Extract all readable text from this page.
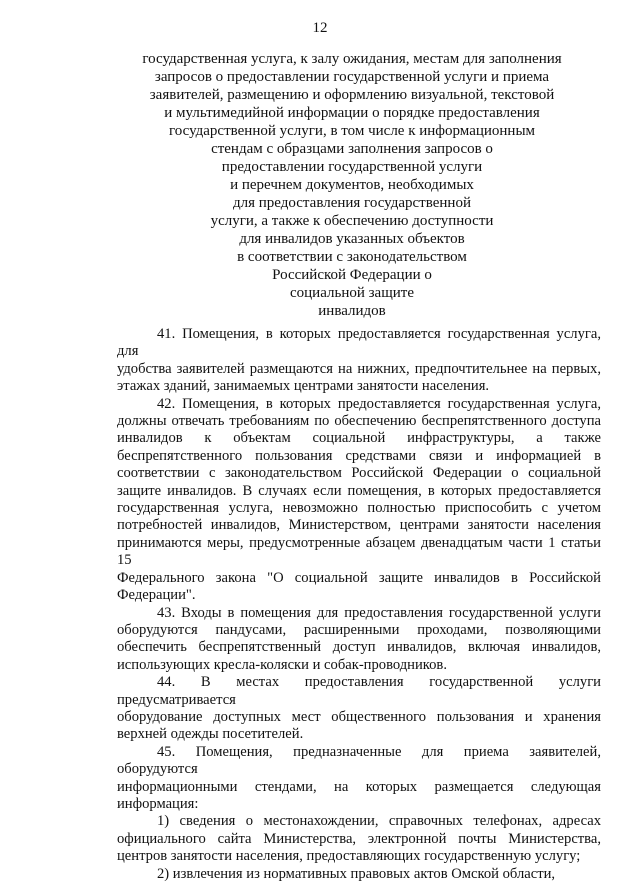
12
государственная услуга, к залу ожидания, местам для заполнения
запросов о предоставлении государственной услуги и приема
заявителей, размещению и оформлению визуальной, текстовой
и мультимедийной информации о порядке предоставления
государственной услуги, в том числе к информационным
стендам с образцами заполнения запросов о
предоставлении государственной услуги
и перечнем документов, необходимых
для предоставления государственной
услуги, а также к обеспечению доступности
для инвалидов указанных объектов
в соответствии с законодательством
Российской Федерации о
социальной защите
инвалидов
41. Помещения, в которых предоставляется государственная услуга, для
удобства заявителей размещаются на нижних, предпочтительнее на первых,
этажах зданий, занимаемых центрами занятости населения.
42. Помещения, в которых предоставляется государственная услуга,
должны отвечать требованиям по обеспечению беспрепятственного доступа
инвалидов к объектам социальной инфраструктуры, а также
беспрепятственного пользования средствами связи и информацией в
соответствии с законодательством Российской Федерации о социальной
защите инвалидов. В случаях если помещения, в которых предоставляется
государственная услуга, невозможно полностью приспособить с учетом
потребностей инвалидов, Министерством, центрами занятости населения
принимаются меры, предусмотренные абзацем двенадцатым части 1 статьи 15
Федерального закона "О социальной защите инвалидов в Российской
Федерации".
43. Входы в помещения для предоставления государственной услуги
оборудуются пандусами, расширенными проходами, позволяющими
обеспечить беспрепятственный доступ инвалидов, включая инвалидов,
использующих кресла-коляски и собак-проводников.
44. В местах предоставления государственной услуги предусматривается
оборудование доступных мест общественного пользования и хранения
верхней одежды посетителей.
45. Помещения, предназначенные для приема заявителей, оборудуются
информационными стендами, на которых размещается следующая
информация:
1) сведения о местонахождении, справочных телефонах, адресах
официального сайта Министерства, электронной почты Министерства,
центров занятости населения, предоставляющих государственную услугу;
2) извлечения из нормативных правовых актов Омской области,
